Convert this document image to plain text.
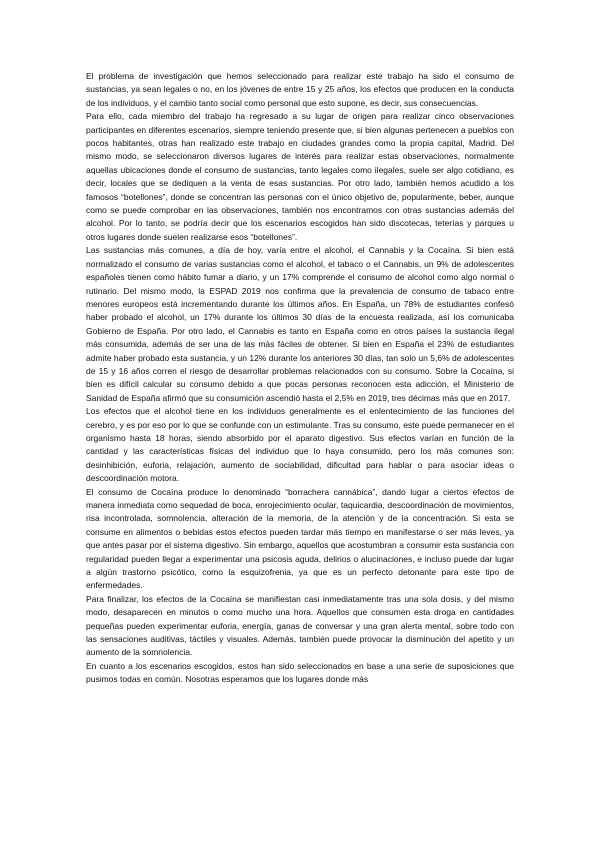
El problema de investigación que hemos seleccionado para realizar este trabajo ha sido el consumo de sustancias, ya sean legales o no, en los jóvenes de entre 15 y 25 años, los efectos que producen en la conducta de los individuos, y el cambio tanto social como personal que esto supone, es decir, sus consecuencias.

Para ello, cada miembro del trabajo ha regresado a su lugar de origen para realizar cinco observaciones participantes en diferentes escenarios, siempre teniendo presente que, si bien algunas pertenecen a pueblos con pocos habitantes, otras han realizado este trabajo en ciudades grandes como la propia capital, Madrid. Del mismo modo, se seleccionaron diversos lugares de interés para realizar estas observaciones, normalmente aquellas ubicaciones donde el consumo de sustancias, tanto legales como ilegales, suele ser algo cotidiano, es decir, locales que se dediquen a la venta de esas sustancias. Por otro lado, también hemos acudido a los famosos “botellones”, donde se concentran las personas con el único objetivo de, popularmente, beber, aunque como se puede comprobar en las observaciones, también nos encontramos con otras sustancias además del alcohol. Por lo tanto, se podría decir que los escenarios escogidos han sido discotecas, teterías y parques u otros lugares donde suelen realizarse esos “botellones”.

Las sustancias más comunes, a día de hoy, varía entre el alcohol, el Cannabis y la Cocaína. Si bien está normalizado el consumo de varias sustancias como el alcohol, el tabaco o el Cannabis, un 9% de adolescentes españoles tienen como hábito fumar a diario, y un 17% comprende el consumo de alcohol como algo normal o rutinario. Del mismo modo, la ESPAD 2019 nos confirma que la prevalencia de consumo de tabaco entre menores europeos está incrementando durante los últimos años. En España, un 78% de estudiantes confesó haber probado el alcohol, un 17% durante los últimos 30 días de la encuesta realizada, así los comunicaba Gobierno de España. Por otro lado, el Cannabis es tanto en España como en otros países la sustancia ilegal más consumida, además de ser una de las más fáciles de obtener. Si bien en España el 23% de estudiantes admite haber probado esta sustancia, y un 12% durante los anteriores 30 días, tan solo un 5,6% de adolescentes de 15 y 16 años corren el riesgo de desarrollar problemas relacionados con su consumo. Sobre la Cocaína, si bien es difícil calcular su consumo debido a que pocas personas reconocen esta adicción, el Ministerio de Sanidad de España afirmó que su consumición ascendió hasta el 2,5% en 2019, tres décimas más que en 2017.

Los efectos que el alcohol tiene en los individuos generalmente es el enlentecimiento de las funciones del cerebro, y es por eso por lo que se confunde con un estimulante. Tras su consumo, este puede permanecer en el organismo hasta 18 horas, siendo absorbido por el aparato digestivo. Sus efectos varían en función de la cantidad y las características físicas del individuo que lo haya consumido, pero los más comunes son: desinhibición, euforia, relajación, aumento de sociabilidad, dificultad para hablar o para asociar ideas o descoordinación motora.

El consumo de Cocaína produce lo denominado “borrachera cannábica”, dando lugar a ciertos efectos de manera inmediata como sequedad de boca, enrojecimiento ocular, taquicardia, descoordinación de movimientos, risa incontrolada, somnolencia, alteración de la memoria, de la atención y de la concentración. Si esta se consume en alimentos o bebidas estos efectos pueden tardar más tiempo en manifestarse o ser más leves, ya que antes pasar por el sistema digestivo. Sin embargo, aquellos que acostumbran a consumir esta sustancia con regularidad pueden llegar a experimentar una psicosis aguda, delirios o alucinaciones, e incluso puede dar lugar a algún trastorno psicótico, como la esquizofrenia, ya que es un perfecto detonante para este tipo de enfermedades.

Para finalizar, los efectos de la Cocaína se manifiestan casi inmediatamente tras una sola dosis, y del mismo modo, desaparecen en minutos o como mucho una hora. Aquellos que consumen esta droga en cantidades pequeñas pueden experimentar euforia, energía, ganas de conversar y una gran alerta mental, sobre todo con las sensaciones auditivas, táctiles y visuales. Además, también puede provocar la disminución del apetito y un aumento de la somnolencia.

En cuanto a los escenarios escogidos, estos han sido seleccionados en base a una serie de suposiciones que pusimos todas en común. Nosotras esperamos que los lugares donde más
